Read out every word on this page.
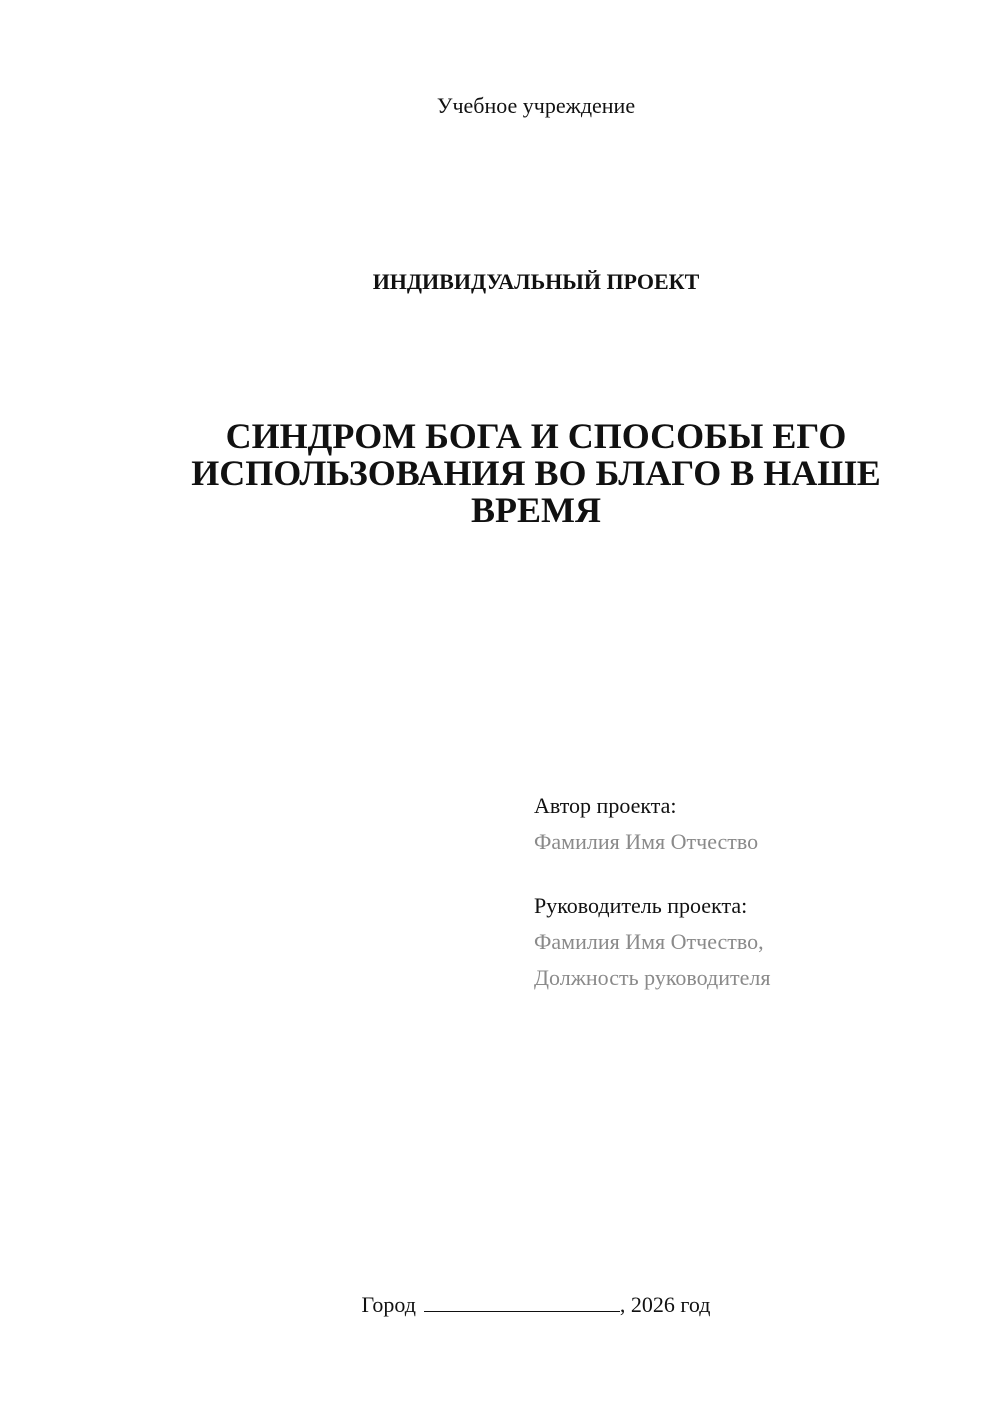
Учебное учреждение
ИНДИВИДУАЛЬНЫЙ ПРОЕКТ
СИНДРОМ БОГА И СПОСОБЫ ЕГО
ИСПОЛЬЗОВАНИЯ ВО БЛАГО В НАШЕ
ВРЕМЯ
Автор проекта:
Фамилия Имя Отчество
Руководитель проекта:
Фамилия Имя Отчество,
Должность руководителя
Город	, 2026 год
